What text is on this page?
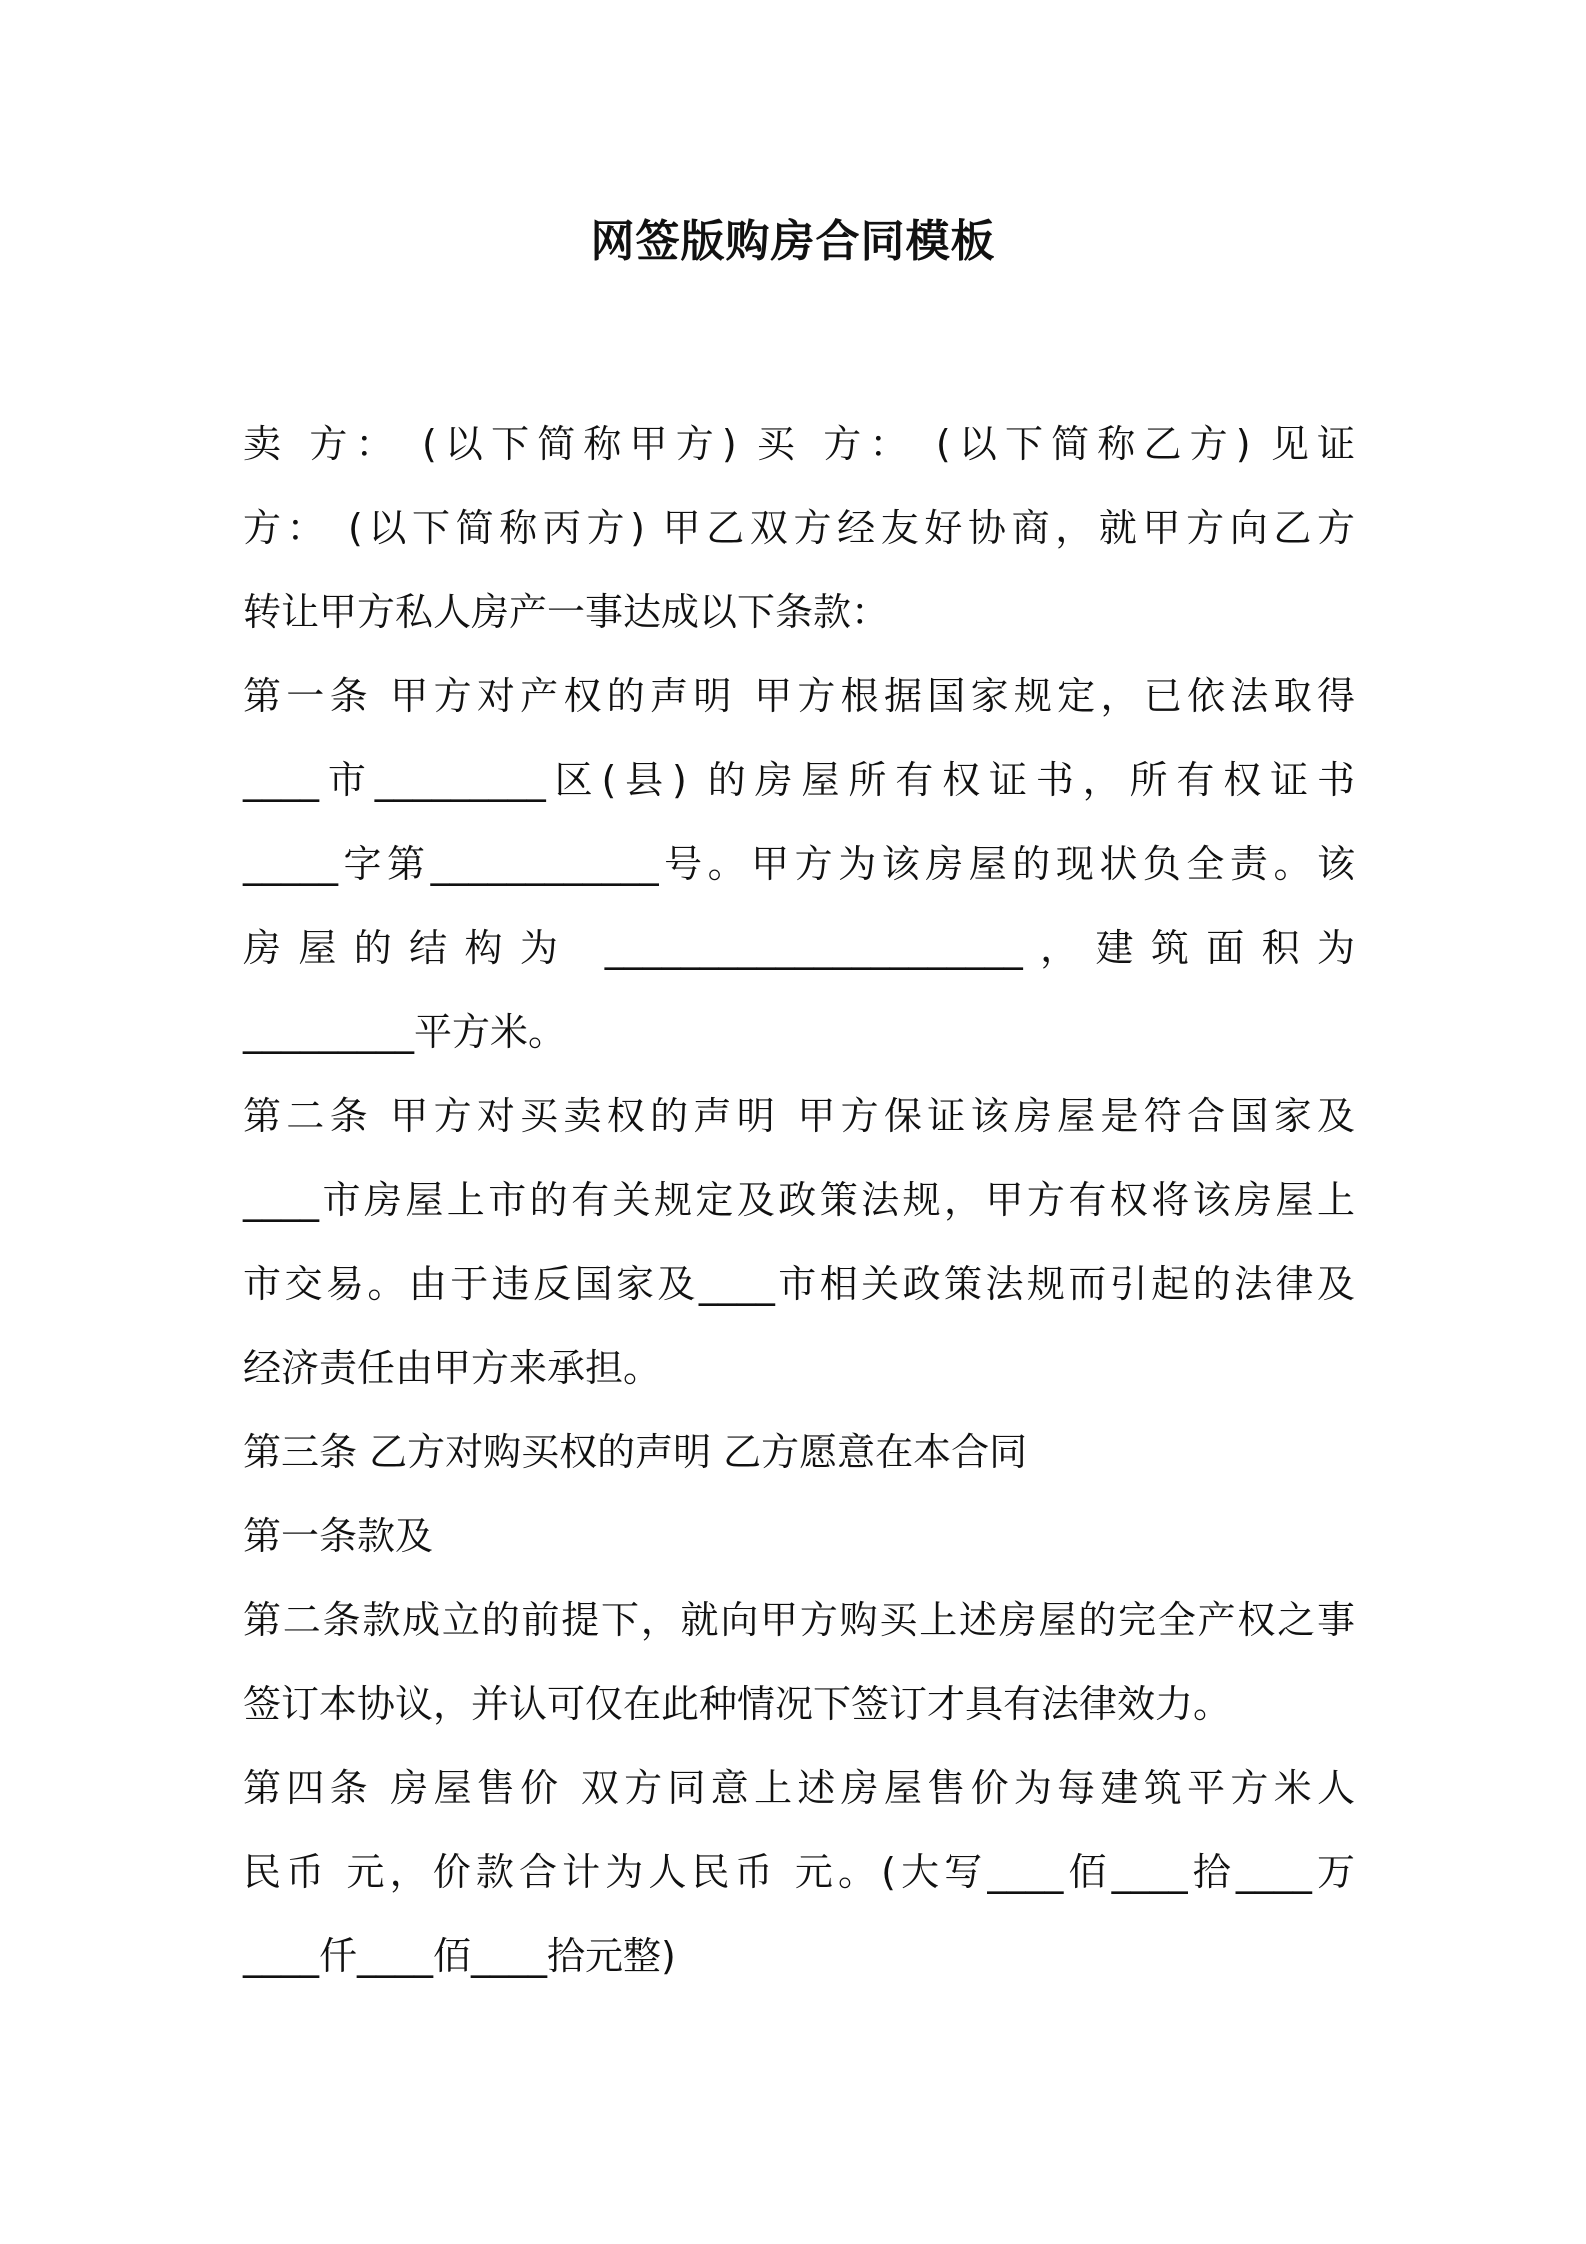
网签版购房合同模板
卖 方： (以下简称甲方) 买 方： (以下简称乙方) 见证
方： (以下简称丙方) 甲乙双方经友好协商，就甲方向乙方
转让甲方私人房产一事达成以下条款：
第一条 甲方对产权的声明 甲方根据国家规定，已依法取得
____市_________区(县) 的房屋所有权证书，所有权证书
_____字第____________号。甲方为该房屋的现状负全责。该
房屋的结构为 ______________________，建筑面积为
_________平方米。
第二条 甲方对买卖权的声明 甲方保证该房屋是符合国家及
____市房屋上市的有关规定及政策法规，甲方有权将该房屋上
市交易。由于违反国家及____市相关政策法规而引起的法律及
经济责任由甲方来承担。
第三条 乙方对购买权的声明 乙方愿意在本合同
第一条款及
第二条款成立的前提下，就向甲方购买上述房屋的完全产权之事
签订本协议，并认可仅在此种情况下签订才具有法律效力。
第四条 房屋售价 双方同意上述房屋售价为每建筑平方米人
民币 元，价款合计为人民币 元。(大写____佰____拾____万
____仟____佰____拾元整)
